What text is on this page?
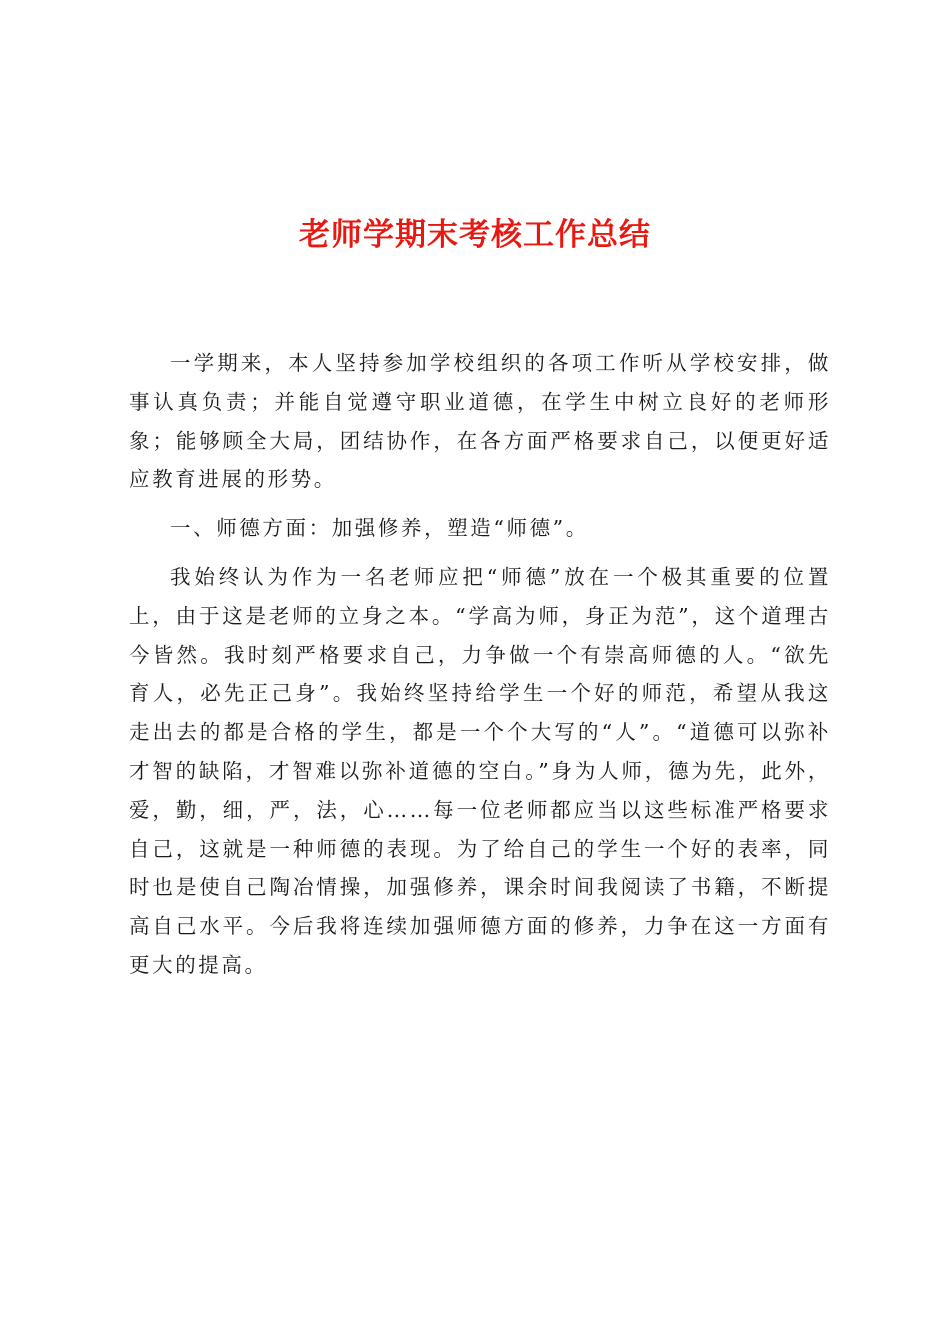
老师学期末考核工作总结

一学期来，本人坚持参加学校组织的各项工作听从学校安排，做事认真负责；并能自觉遵守职业道德，在学生中树立良好的老师形象；能够顾全大局，团结协作，在各方面严格要求自己，以便更好适应教育进展的形势。

一、师德方面：加强修养，塑造“师德”。

我始终认为作为一名老师应把“师德”放在一个极其重要的位置上，由于这是老师的立身之本。“学高为师，身正为范”，这个道理古今皆然。我时刻严格要求自己，力争做一个有崇高师德的人。“欲先育人，必先正己身”。我始终坚持给学生一个好的师范，希望从我这走出去的都是合格的学生，都是一个个大写的“人”。“道德可以弥补才智的缺陷，才智难以弥补道德的空白。”身为人师，德为先，此外，爱，勤，细，严，法，心……每一位老师都应当以这些标准严格要求自己，这就是一种师德的表现。为了给自己的学生一个好的表率，同时也是使自己陶冶情操，加强修养，课余时间我阅读了书籍，不断提高自己水平。今后我将连续加强师德方面的修养，力争在这一方面有更大的提高。
